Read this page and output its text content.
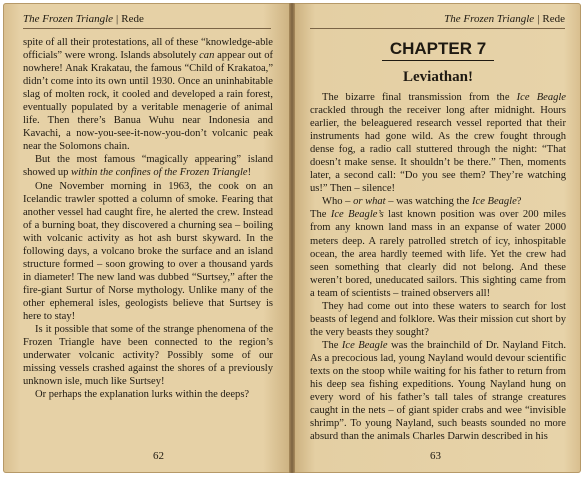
The Frozen Triangle | Rede

spite of all their protestations, all of these “knowledge-able officials” were wrong. Islands absolutely can appear out of nowhere! Anak Krakatau, the famous “Child of Krakatoa,” didn’t come into its own until 1930. Once an uninhabitable slag of molten rock, it cooled and developed a rain forest, eventually populated by a veritable menagerie of animal life. Then there’s Banua Wuhu near Indonesia and Kavachi, a now-you-see-it-now-you-don’t volcanic peak near the Solomons chain.

But the most famous “magically appearing” island showed up within the confines of the Frozen Triangle!

One November morning in 1963, the cook on an Icelandic trawler spotted a column of smoke. Fearing that another vessel had caught fire, he alerted the crew. Instead of a burning boat, they discovered a churning sea – boiling with volcanic activity as hot ash burst skyward. In the following days, a volcano broke the surface and an island structure formed – soon growing to over a thousand yards in diameter! The new land was dubbed “Surtsey,” after the fire-giant Surtur of Norse mythology. Unlike many of the other ephemeral isles, geologists believe that Surtsey is here to stay!

Is it possible that some of the strange phenomena of the Frozen Triangle have been connected to the region’s underwater volcanic activity? Possibly some of our missing vessels crashed against the shores of a previously unknown isle, much like Surtsey!

Or perhaps the explanation lurks within the deeps?

62
The Frozen Triangle | Rede
CHAPTER 7
Leviathan!

The bizarre final transmission from the Ice Beagle crackled through the receiver long after midnight. Hours earlier, the beleaguered research vessel reported that their instruments had gone wild. As the crew fought through dense fog, a radio call stuttered through the night: “That doesn’t make sense. It shouldn’t be there.” Then, moments later, a second call: “Do you see them? They’re watching us!” Then – silence!

Who – or what – was watching the Ice Beagle?

The Ice Beagle’s last known position was over 200 miles from any known land mass in an expanse of water 2000 meters deep. A rarely patrolled stretch of icy, inhospitable ocean, the area hardly teemed with life. Yet the crew had seen something that clearly did not belong. And these weren’t bored, uneducated sailors. This sighting came from a team of scientists – trained observers all!

They had come out into these waters to search for lost beasts of legend and folklore. Was their mission cut short by the very beasts they sought?

The Ice Beagle was the brainchild of Dr. Nayland Fitch. As a precocious lad, young Nayland would devour scientific texts on the stoop while waiting for his father to return from his deep sea fishing expeditions. Young Nayland hung on every word of his father’s tall tales of strange creatures caught in the nets – of giant spider crabs and wee “invisible shrimp”. To young Nayland, such beasts sounded no more absurd than the animals Charles Darwin described in his

63
